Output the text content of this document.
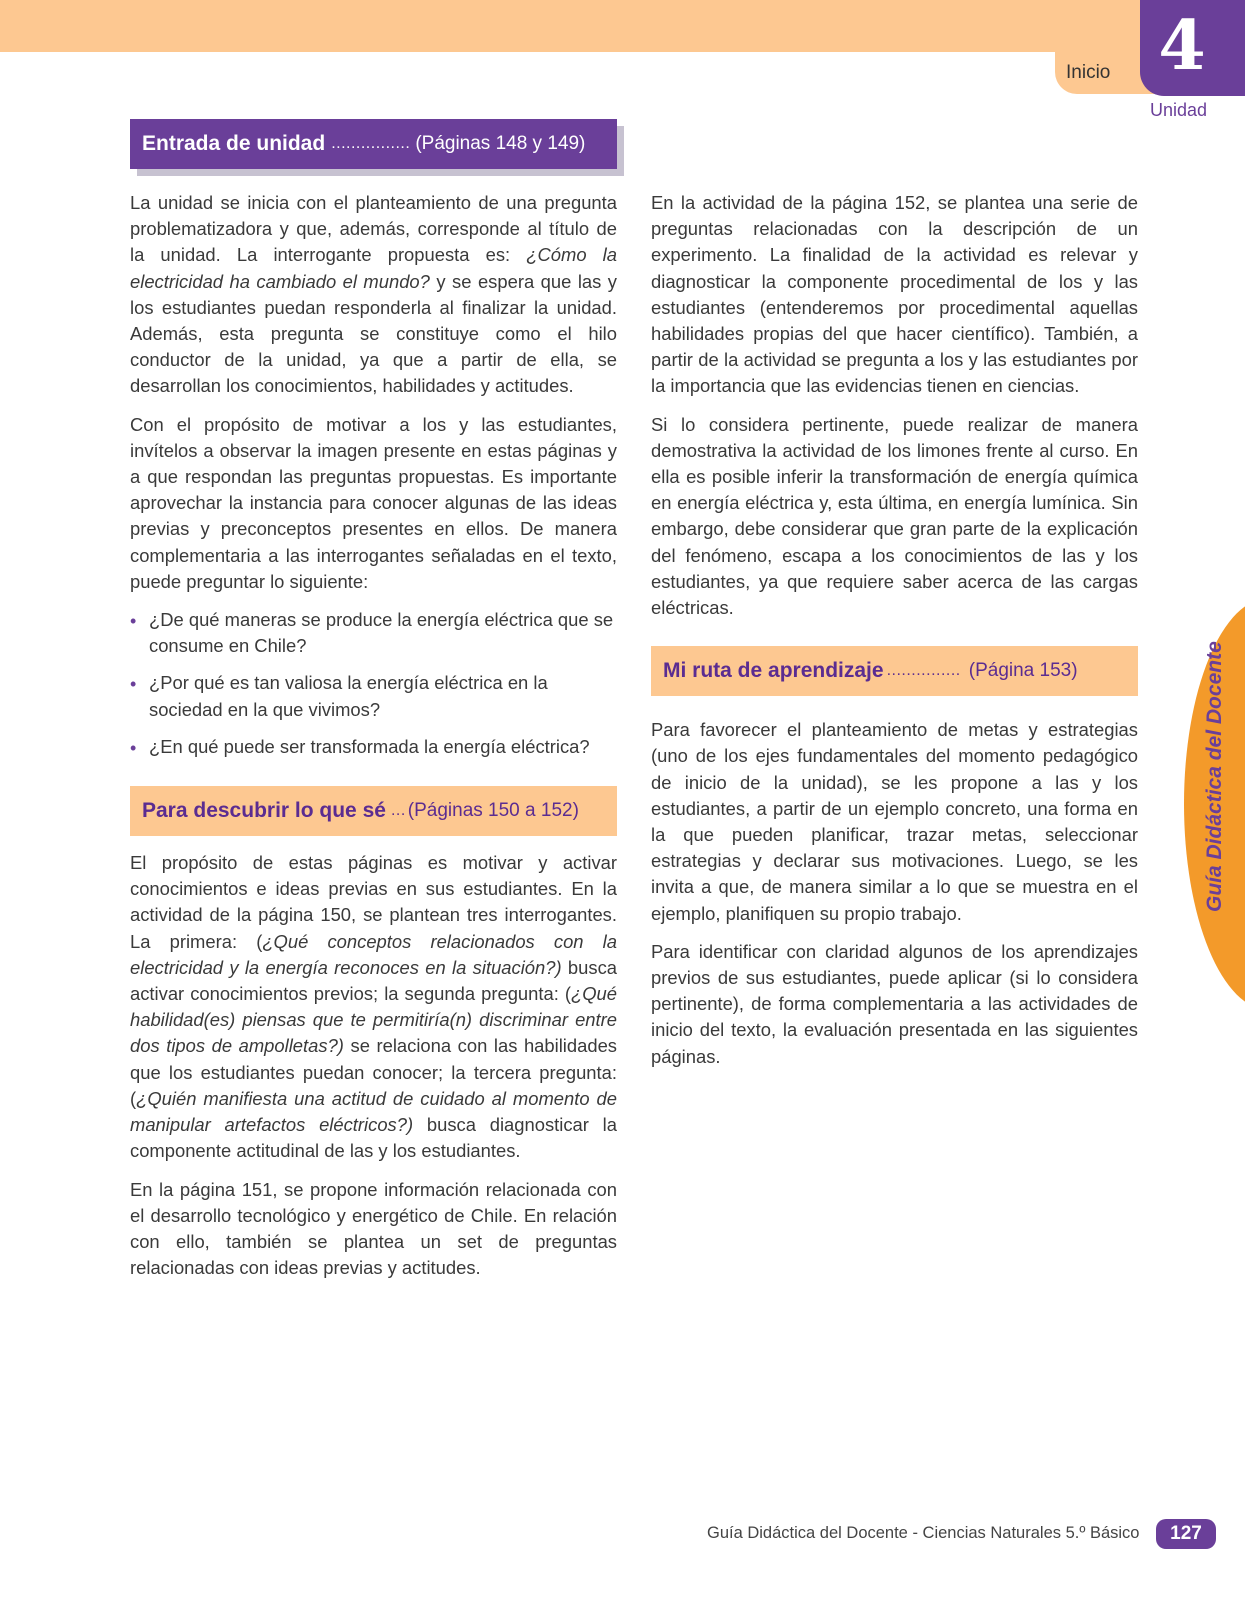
Inicio 4
Unidad
Guía Didáctica del Docente
Entrada de unidad ................ (Páginas 148 y 149)

La unidad se inicia con el planteamiento de una pregunta problematizadora y que, además, corresponde al título de la unidad. La interrogante propuesta es: ¿Cómo la electricidad ha cambiado el mundo? y se espera que las y los estudiantes puedan responderla al finalizar la unidad. Además, esta pregunta se constituye como el hilo conductor de la unidad, ya que a partir de ella, se desarrollan los conocimientos, habilidades y actitudes.

Con el propósito de motivar a los y las estudiantes, invítelos a observar la imagen presente en estas páginas y a que respondan las preguntas propuestas. Es importante aprovechar la instancia para conocer algunas de las ideas previas y preconceptos presentes en ellos. De manera complementaria a las interrogantes señaladas en el texto, puede preguntar lo siguiente:

• ¿De qué maneras se produce la energía eléctrica que se consume en Chile?
• ¿Por qué es tan valiosa la energía eléctrica en la sociedad en la que vivimos?
• ¿En qué puede ser transformada la energía eléctrica?

El propósito de estas páginas es motivar y activar conocimientos e ideas previas en sus estudiantes. En la actividad de la página 150, se plantean tres interrogantes. La primera: (¿Qué conceptos relacionados con la electricidad y la energía reconoces en la situación?) busca activar conocimientos previos; la segunda pregunta: (¿Qué habilidad(es) piensas que te permitiría(n) discriminar entre dos tipos de ampolletas?) se relaciona con las habilidades que los estudiantes puedan conocer; la tercera pregunta: (¿Quién manifiesta una actitud de cuidado al momento de manipular artefactos eléctricos?) busca diagnosticar la componente actitudinal de las y los estudiantes.

En la página 151, se propone información relacionada con el desarrollo tecnológico y energético de Chile. En relación con ello, también se plantea un set de preguntas relacionadas con ideas previas y actitudes.

Para descubrir lo que sé ... (Páginas 150 a 152)

En la actividad de la página 152, se plantea una serie de preguntas relacionadas con la descripción de un experimento. La finalidad de la actividad es relevar y diagnosticar la componente procedimental de los y las estudiantes (entenderemos por procedimental aquellas habilidades propias del que hacer científico). También, a partir de la actividad se pregunta a los y las estudiantes por la importancia que las evidencias tienen en ciencias.

Si lo considera pertinente, puede realizar de manera demostrativa la actividad de los limones frente al curso. En ella es posible inferir la transformación de energía química en energía eléctrica y, esta última, en energía lumínica. Sin embargo, debe considerar que gran parte de la explicación del fenómeno, escapa a los conocimientos de las y los estudiantes, ya que requiere saber acerca de las cargas eléctricas.

Para favorecer el planteamiento de metas y estrategias (uno de los ejes fundamentales del momento pedagógico de inicio de la unidad), se les propone a las y los estudiantes, a partir de un ejemplo concreto, una forma en la que pueden planificar, trazar metas, seleccionar estrategias y declarar sus motivaciones. Luego, se les invita a que, de manera similar a lo que se muestra en el ejemplo, planifiquen su propio trabajo.

Para identificar con claridad algunos de los aprendizajes previos de sus estudiantes, puede aplicar (si lo considera pertinente), de forma complementaria a las actividades de inicio del texto, la evaluación presentada en las siguientes páginas.

Mi ruta de aprendizaje ............... (Página 153)
Guía Didáctica del Docente - Ciencias Naturales 5.º Básico	127
